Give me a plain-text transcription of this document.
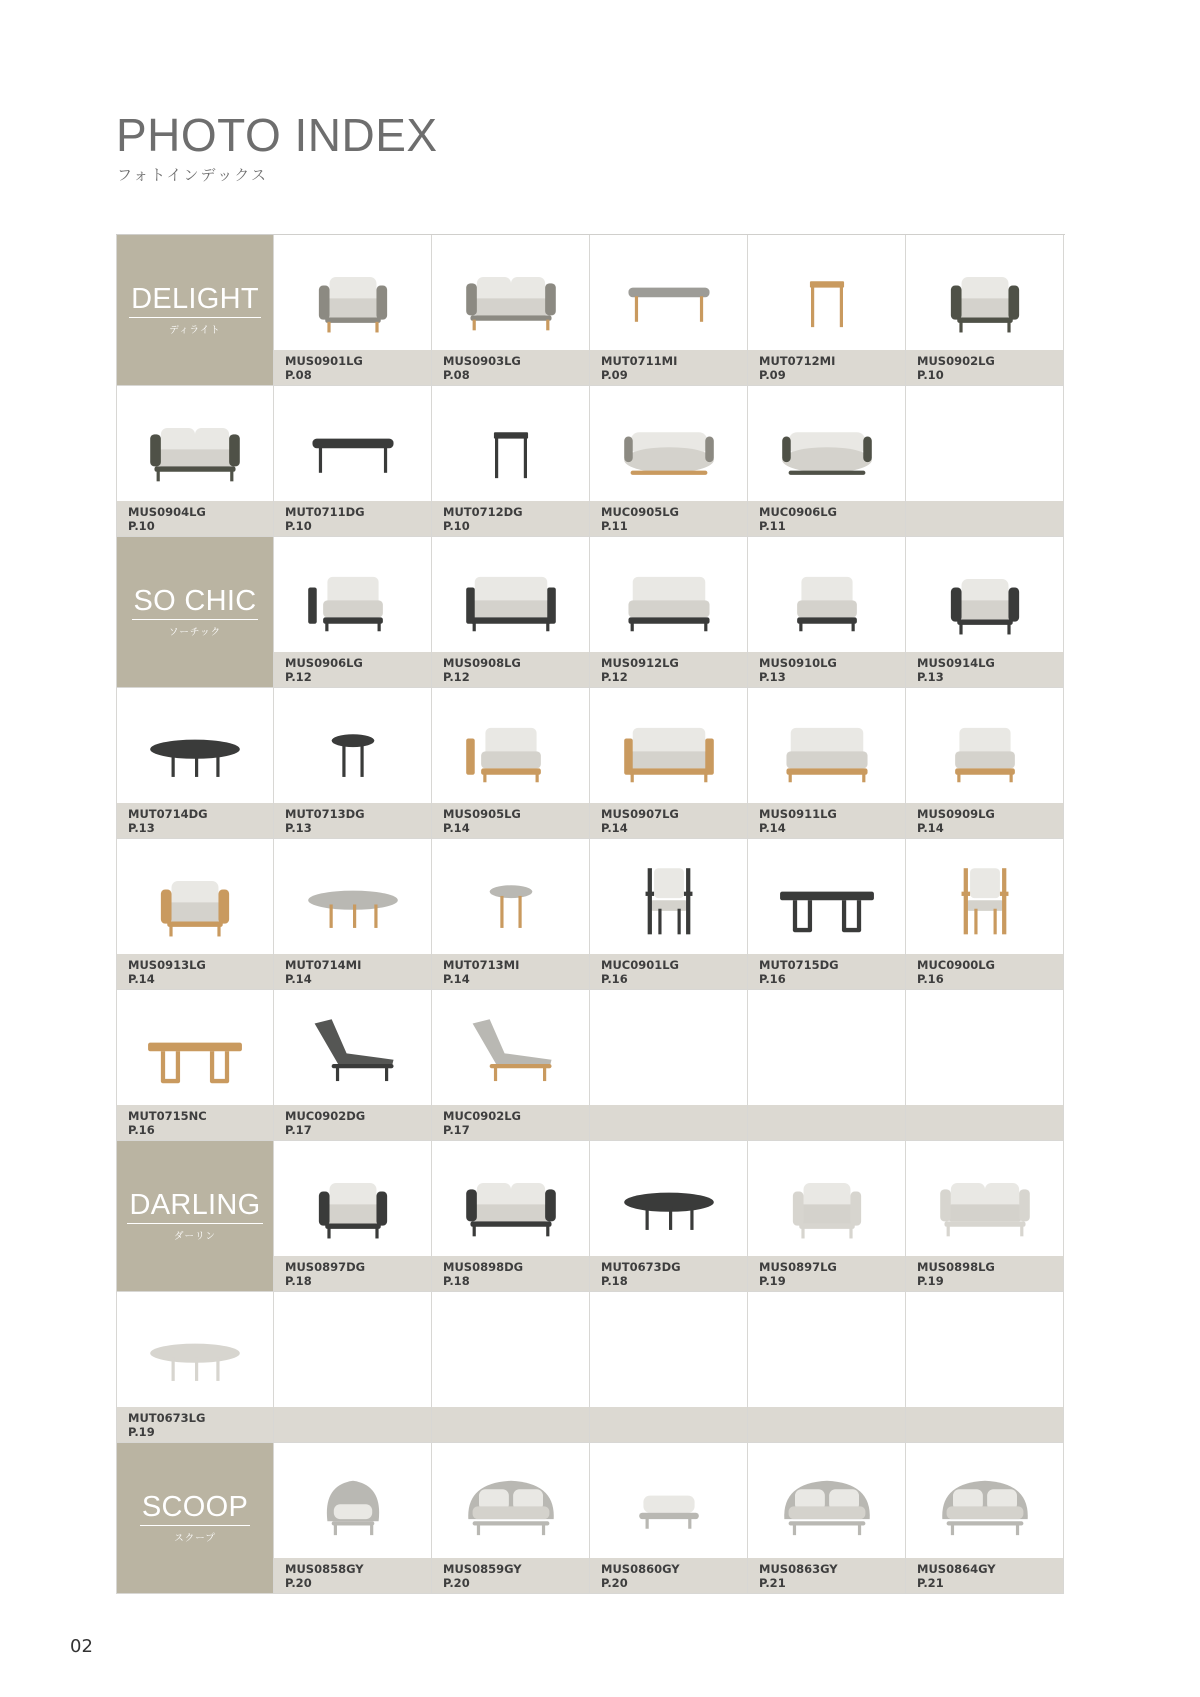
PHOTO INDEX
フォトインデックス
DELIGHT
ディライト
MUS0901LG
P.08
MUS0903LG
P.08
MUT0711MI
P.09
MUT0712MI
P.09
MUS0902LG
P.10
MUS0904LG
P.10
MUT0711DG
P.10
MUT0712DG
P.10
MUC0905LG
P.11
MUC0906LG
P.11
SO CHIC
ソーチック
MUS0906LG
P.12
MUS0908LG
P.12
MUS0912LG
P.12
MUS0910LG
P.13
MUS0914LG
P.13
MUT0714DG
P.13
MUT0713DG
P.13
MUS0905LG
P.14
MUS0907LG
P.14
MUS0911LG
P.14
MUS0909LG
P.14
MUS0913LG
P.14
MUT0714MI
P.14
MUT0713MI
P.14
MUC0901LG
P.16
MUT0715DG
P.16
MUC0900LG
P.16
MUT0715NC
P.16
MUC0902DG
P.17
MUC0902LG
P.17
DARLING
ダーリン
MUS0897DG
P.18
MUS0898DG
P.18
MUT0673DG
P.18
MUS0897LG
P.19
MUS0898LG
P.19
MUT0673LG
P.19
SCOOP
スクープ
MUS0858GY
P.20
MUS0859GY
P.20
MUS0860GY
P.20
MUS0863GY
P.21
MUS0864GY
P.21
02
